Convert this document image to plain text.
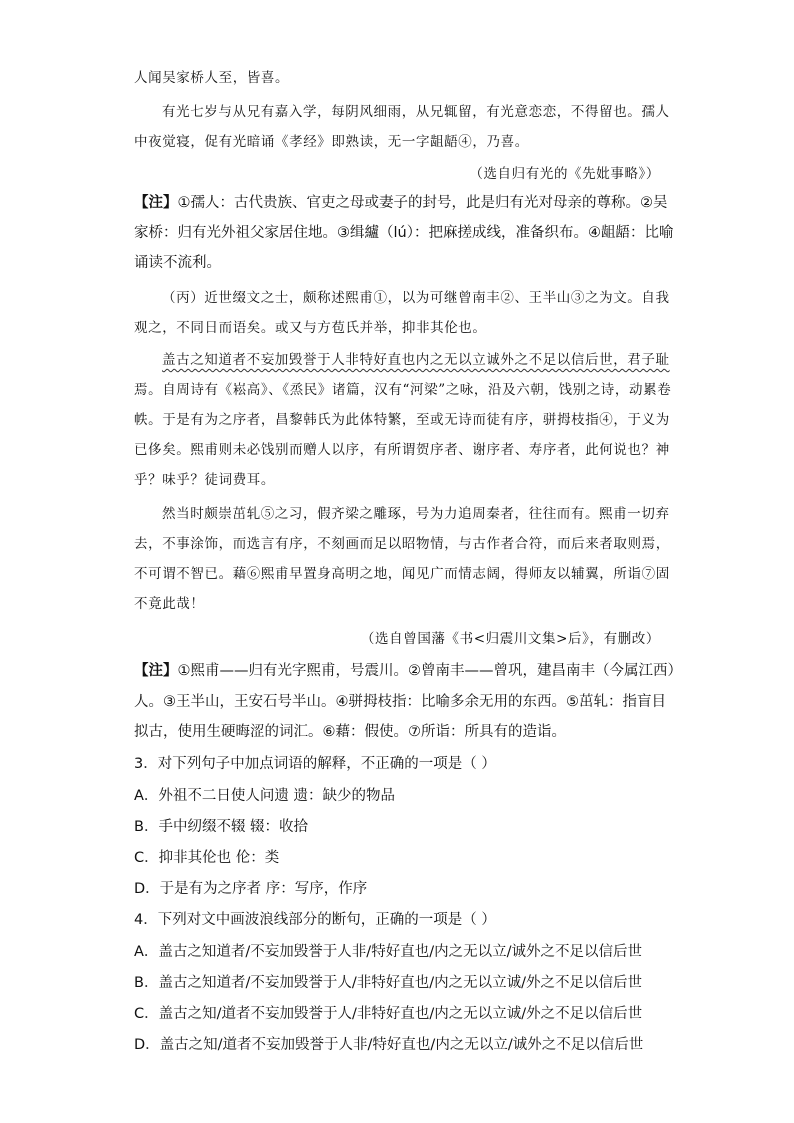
人闻吴家桥人至，皆喜。
有光七岁与从兄有嘉入学，每阴风细雨，从兄辄留，有光意恋恋，不得留也。孺人
中夜觉寝，促有光暗诵《孝经》即熟读，无一字龃龉④，乃喜。
（选自归有光的《先妣事略》）
【注】①孺人：古代贵族、官吏之母或妻子的封号，此是归有光对母亲的尊称。②吴
家桥：归有光外祖父家居住地。③缉纑（lú）：把麻搓成线，准备织布。④龃龉：比喻
诵读不流利。
（丙）近世缀文之士，颇称述熙甫①，以为可继曾南丰②、王半山③之为文。自我
观之，不同日而语矣。或又与方苞氏并举，抑非其伦也。
盖古之知道者不妄加毁誉于人非特好直也内之无以立诚外之不足以信后世，君子耻
焉。自周诗有《崧高》、《烝民》诸篇，汉有“河梁”之咏，沿及六朝，饯别之诗，动累卷
帙。于是有为之序者，昌黎韩氏为此体特繁，至或无诗而徒有序，骈拇枝指④，于义为
已侈矣。熙甫则未必饯别而赠人以序，有所谓贺序者、谢序者、寿序者，此何说也？神
乎？味乎？徒词费耳。
然当时颇崇茁轧⑤之习，假齐梁之雕琢，号为力追周秦者，往往而有。熙甫一切弃
去，不事涂饰，而选言有序，不刻画而足以昭物情，与古作者合符，而后来者取则焉，
不可谓不智已。藉⑥熙甫早置身高明之地，闻见广而情志阔，得师友以辅翼，所诣⑦固
不竟此哉！
（选自曾国藩《书<归震川文集>后》，有删改）
【注】①熙甫——归有光字熙甫，号震川。②曾南丰——曾巩，建昌南丰（今属江西）
人。③王半山，王安石号半山。④骈拇枝指：比喻多余无用的东西。⑤茁轧：指盲目
拟古，使用生硬晦涩的词汇。⑥藉：假使。⑦所诣：所具有的造诣。
3．对下列句子中加点词语的解释，不正确的一项是（ ）
A．外祖不二日使人问遗 遗：缺少的物品
B．手中纫缀不辍 辍：收拾
C．抑非其伦也 伦：类
D．于是有为之序者 序：写序，作序
4．下列对文中画波浪线部分的断句，正确的一项是（ ）
A．盖古之知道者/不妄加毁誉于人非/特好直也/内之无以立/诚外之不足以信后世
B．盖古之知道者/不妄加毁誉于人/非特好直也/内之无以立诚/外之不足以信后世
C．盖古之知/道者不妄加毁誉于人/非特好直也/内之无以立诚/外之不足以信后世
D．盖古之知/道者不妄加毁誉于人非/特好直也/内之无以立/诚外之不足以信后世
